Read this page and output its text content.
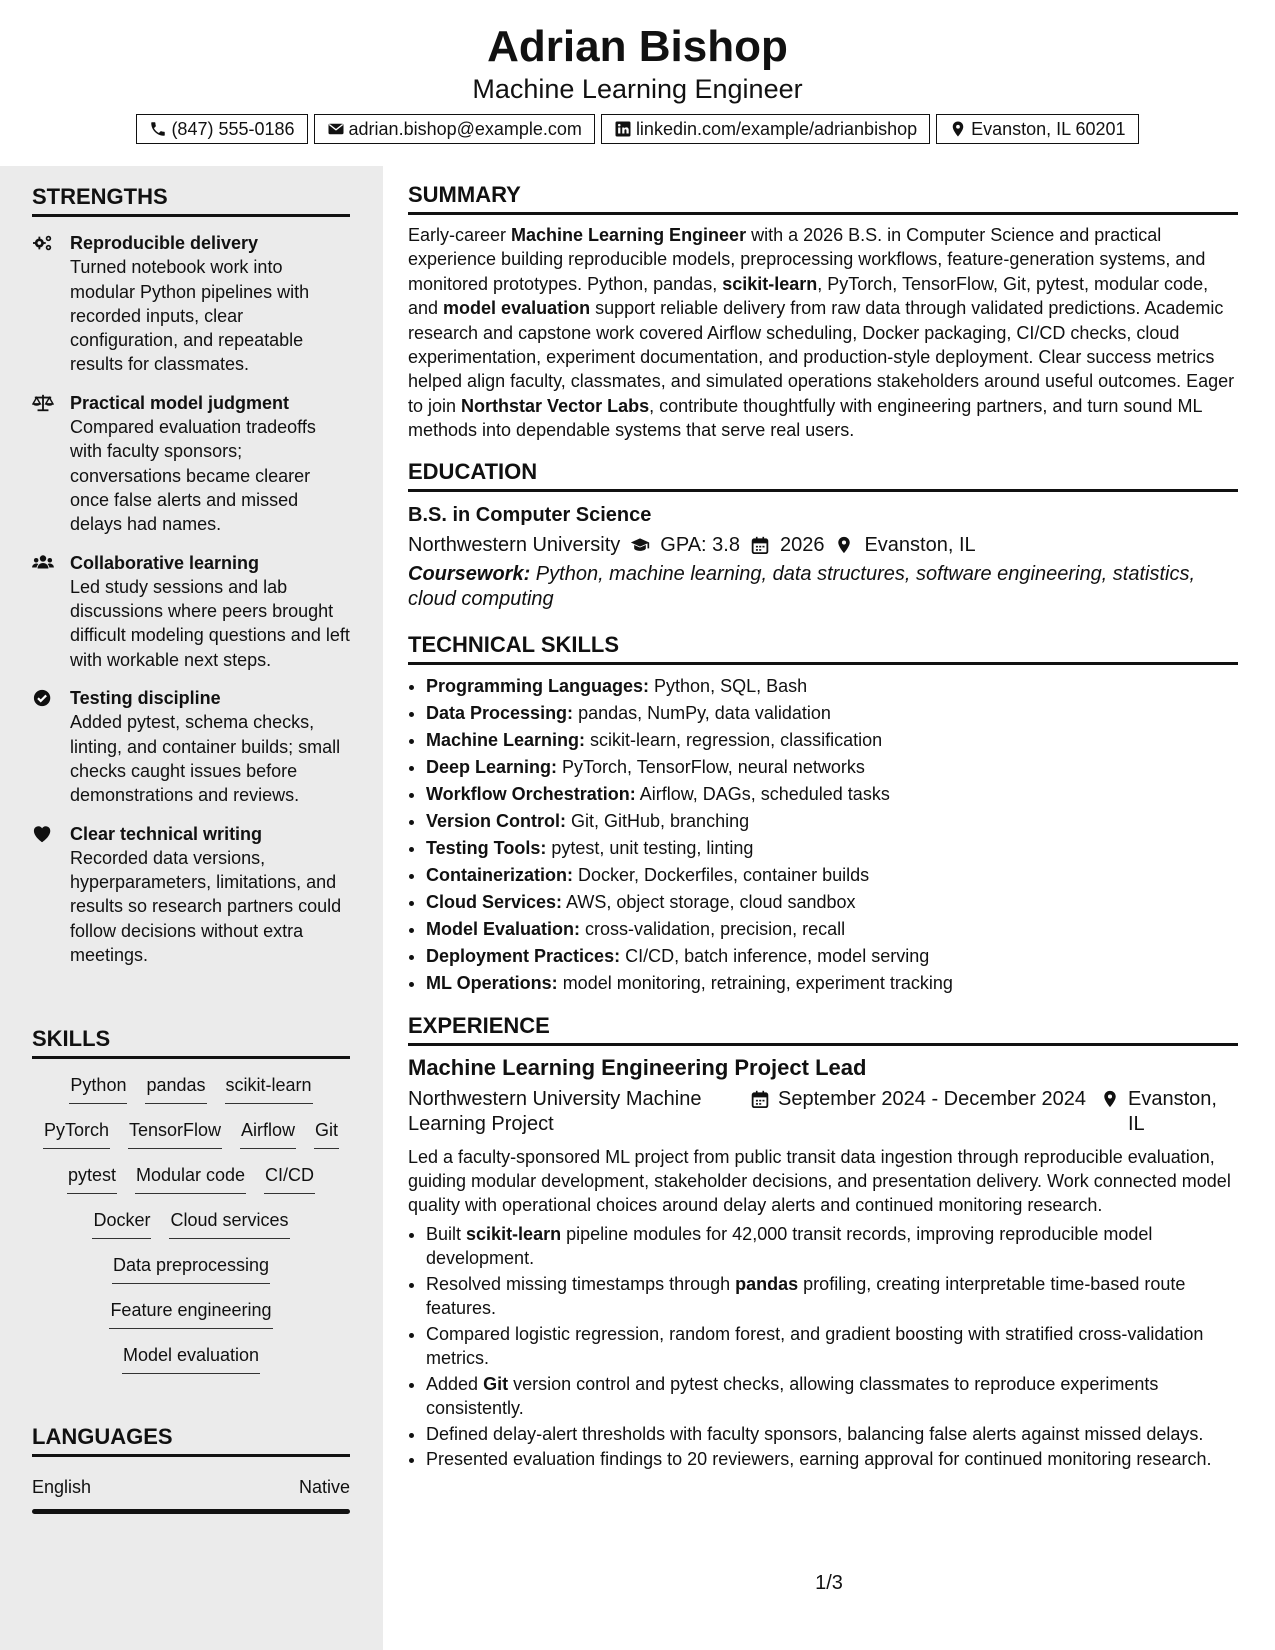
Adrian Bishop
Machine Learning Engineer
(847) 555-0186	adrian.bishop@example.com	linkedin.com/example/adrianbishop	Evanston, IL 60201
STRENGTHS
Reproducible delivery
Turned notebook work into modular Python pipelines with recorded inputs, clear configuration, and repeatable results for classmates.
Practical model judgment
Compared evaluation tradeoffs with faculty sponsors; conversations became clearer once false alerts and missed delays had names.
Collaborative learning
Led study sessions and lab discussions where peers brought difficult modeling questions and left with workable next steps.
Testing discipline
Added pytest, schema checks, linting, and container builds; small checks caught issues before demonstrations and reviews.
Clear technical writing
Recorded data versions, hyperparameters, limitations, and results so research partners could follow decisions without extra meetings.
SKILLS
Python pandas scikit-learn
PyTorch TensorFlow Airflow Git
pytest Modular code CI/CD
Docker Cloud services
Data preprocessing
Feature engineering
Model evaluation
LANGUAGES
English	Native
SUMMARY

Early-career Machine Learning Engineer with a 2026 B.S. in Computer Science and practical experience building reproducible models, preprocessing workflows, feature-generation systems, and monitored prototypes. Python, pandas, scikit-learn, PyTorch, TensorFlow, Git, pytest, modular code, and model evaluation support reliable delivery from raw data through validated predictions. Academic research and capstone work covered Airflow scheduling, Docker packaging, CI/CD checks, cloud experimentation, experiment documentation, and production-style deployment. Clear success metrics helped align faculty, classmates, and simulated operations stakeholders around useful outcomes. Eager to join Northstar Vector Labs, contribute thoughtfully with engineering partners, and turn sound ML methods into dependable systems that serve real users.

EDUCATION
B.S. in Computer Science
Northwestern University GPA: 3.8 2026 Evanston, IL
Coursework: Python, machine learning, data structures, software engineering, statistics, cloud computing
TECHNICAL SKILLS
• Programming Languages: Python, SQL, Bash
• Data Processing: pandas, NumPy, data validation
• Machine Learning: scikit-learn, regression, classification
• Deep Learning: PyTorch, TensorFlow, neural networks
• Workflow Orchestration: Airflow, DAGs, scheduled tasks
• Version Control: Git, GitHub, branching
• Testing Tools: pytest, unit testing, linting
• Containerization: Docker, Dockerfiles, container builds
• Cloud Services: AWS, object storage, cloud sandbox
• Model Evaluation: cross-validation, precision, recall
• Deployment Practices: CI/CD, batch inference, model serving
• ML Operations: model monitoring, retraining, experiment tracking
EXPERIENCE
Machine Learning Engineering Project Lead
Northwestern University Machine Learning Project
September 2024 - December 2024 Evanston, IL

Led a faculty-sponsored ML project from public transit data ingestion through reproducible evaluation, guiding modular development, stakeholder decisions, and presentation delivery. Work connected model quality with operational choices around delay alerts and continued monitoring research.

• Built scikit-learn pipeline modules for 42,000 transit records, improving reproducible model development.
• Resolved missing timestamps through pandas profiling, creating interpretable time-based route features.
• Compared logistic regression, random forest, and gradient boosting with stratified cross-validation metrics.
• Added Git version control and pytest checks, allowing classmates to reproduce experiments consistently.
• Defined delay-alert thresholds with faculty sponsors, balancing false alerts against missed delays.
• Presented evaluation findings to 20 reviewers, earning approval for continued monitoring research.
1/3
